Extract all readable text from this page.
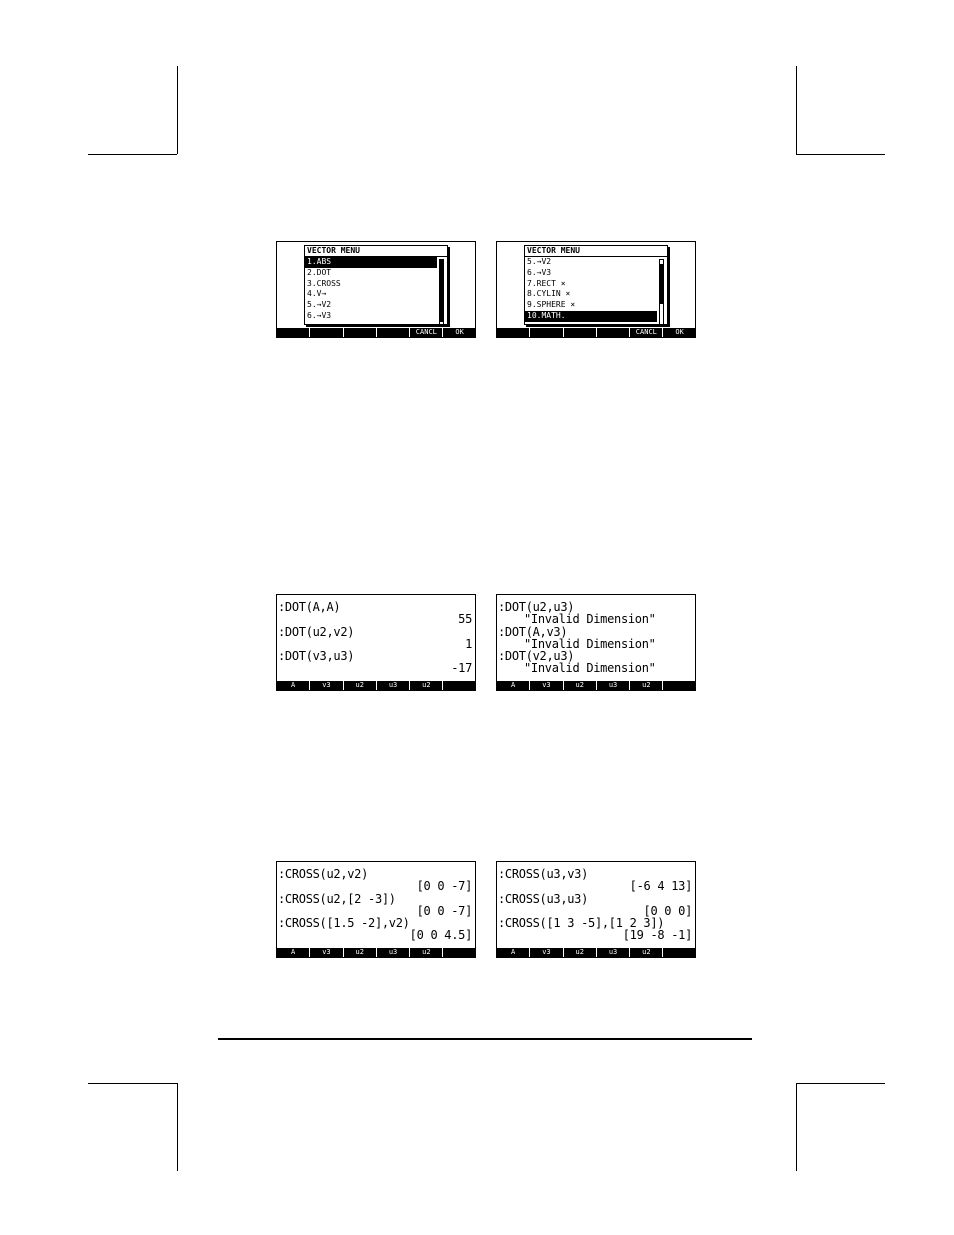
VECTOR MENU
1.ABS
2.DOT
3.CROSS
4.V→
5.→V2
6.→V3
CANCL	OK
VECTOR MENU
5.→V2
6.→V3
7.RECT ×
8.CYLIN ×
9.SPHERE ×
10.MATH.
CANCL	OK
:DOT(A,A)
55
:DOT(u2,v2)
1
:DOT(v3,u3)
-17
A	v3	u2	u3	u2
:DOT(u2,u3)
"Invalid Dimension"
:DOT(A,v3)
"Invalid Dimension"
:DOT(v2,u3)
"Invalid Dimension"
A	v3	u2	u3	u2
:CROSS(u2,v2)
[0 0 -7]
:CROSS(u2,[2 -3])
[0 0 -7]
:CROSS([1.5 -2],v2)
[0 0 4.5]
A	v3	u2	u3	u2
:CROSS(u3,v3)
[-6 4 13]
:CROSS(u3,u3)
[0 0 0]
:CROSS([1 3 -5],[1 2 3])
[19 -8 -1]
A	v3	u2	u3	u2
